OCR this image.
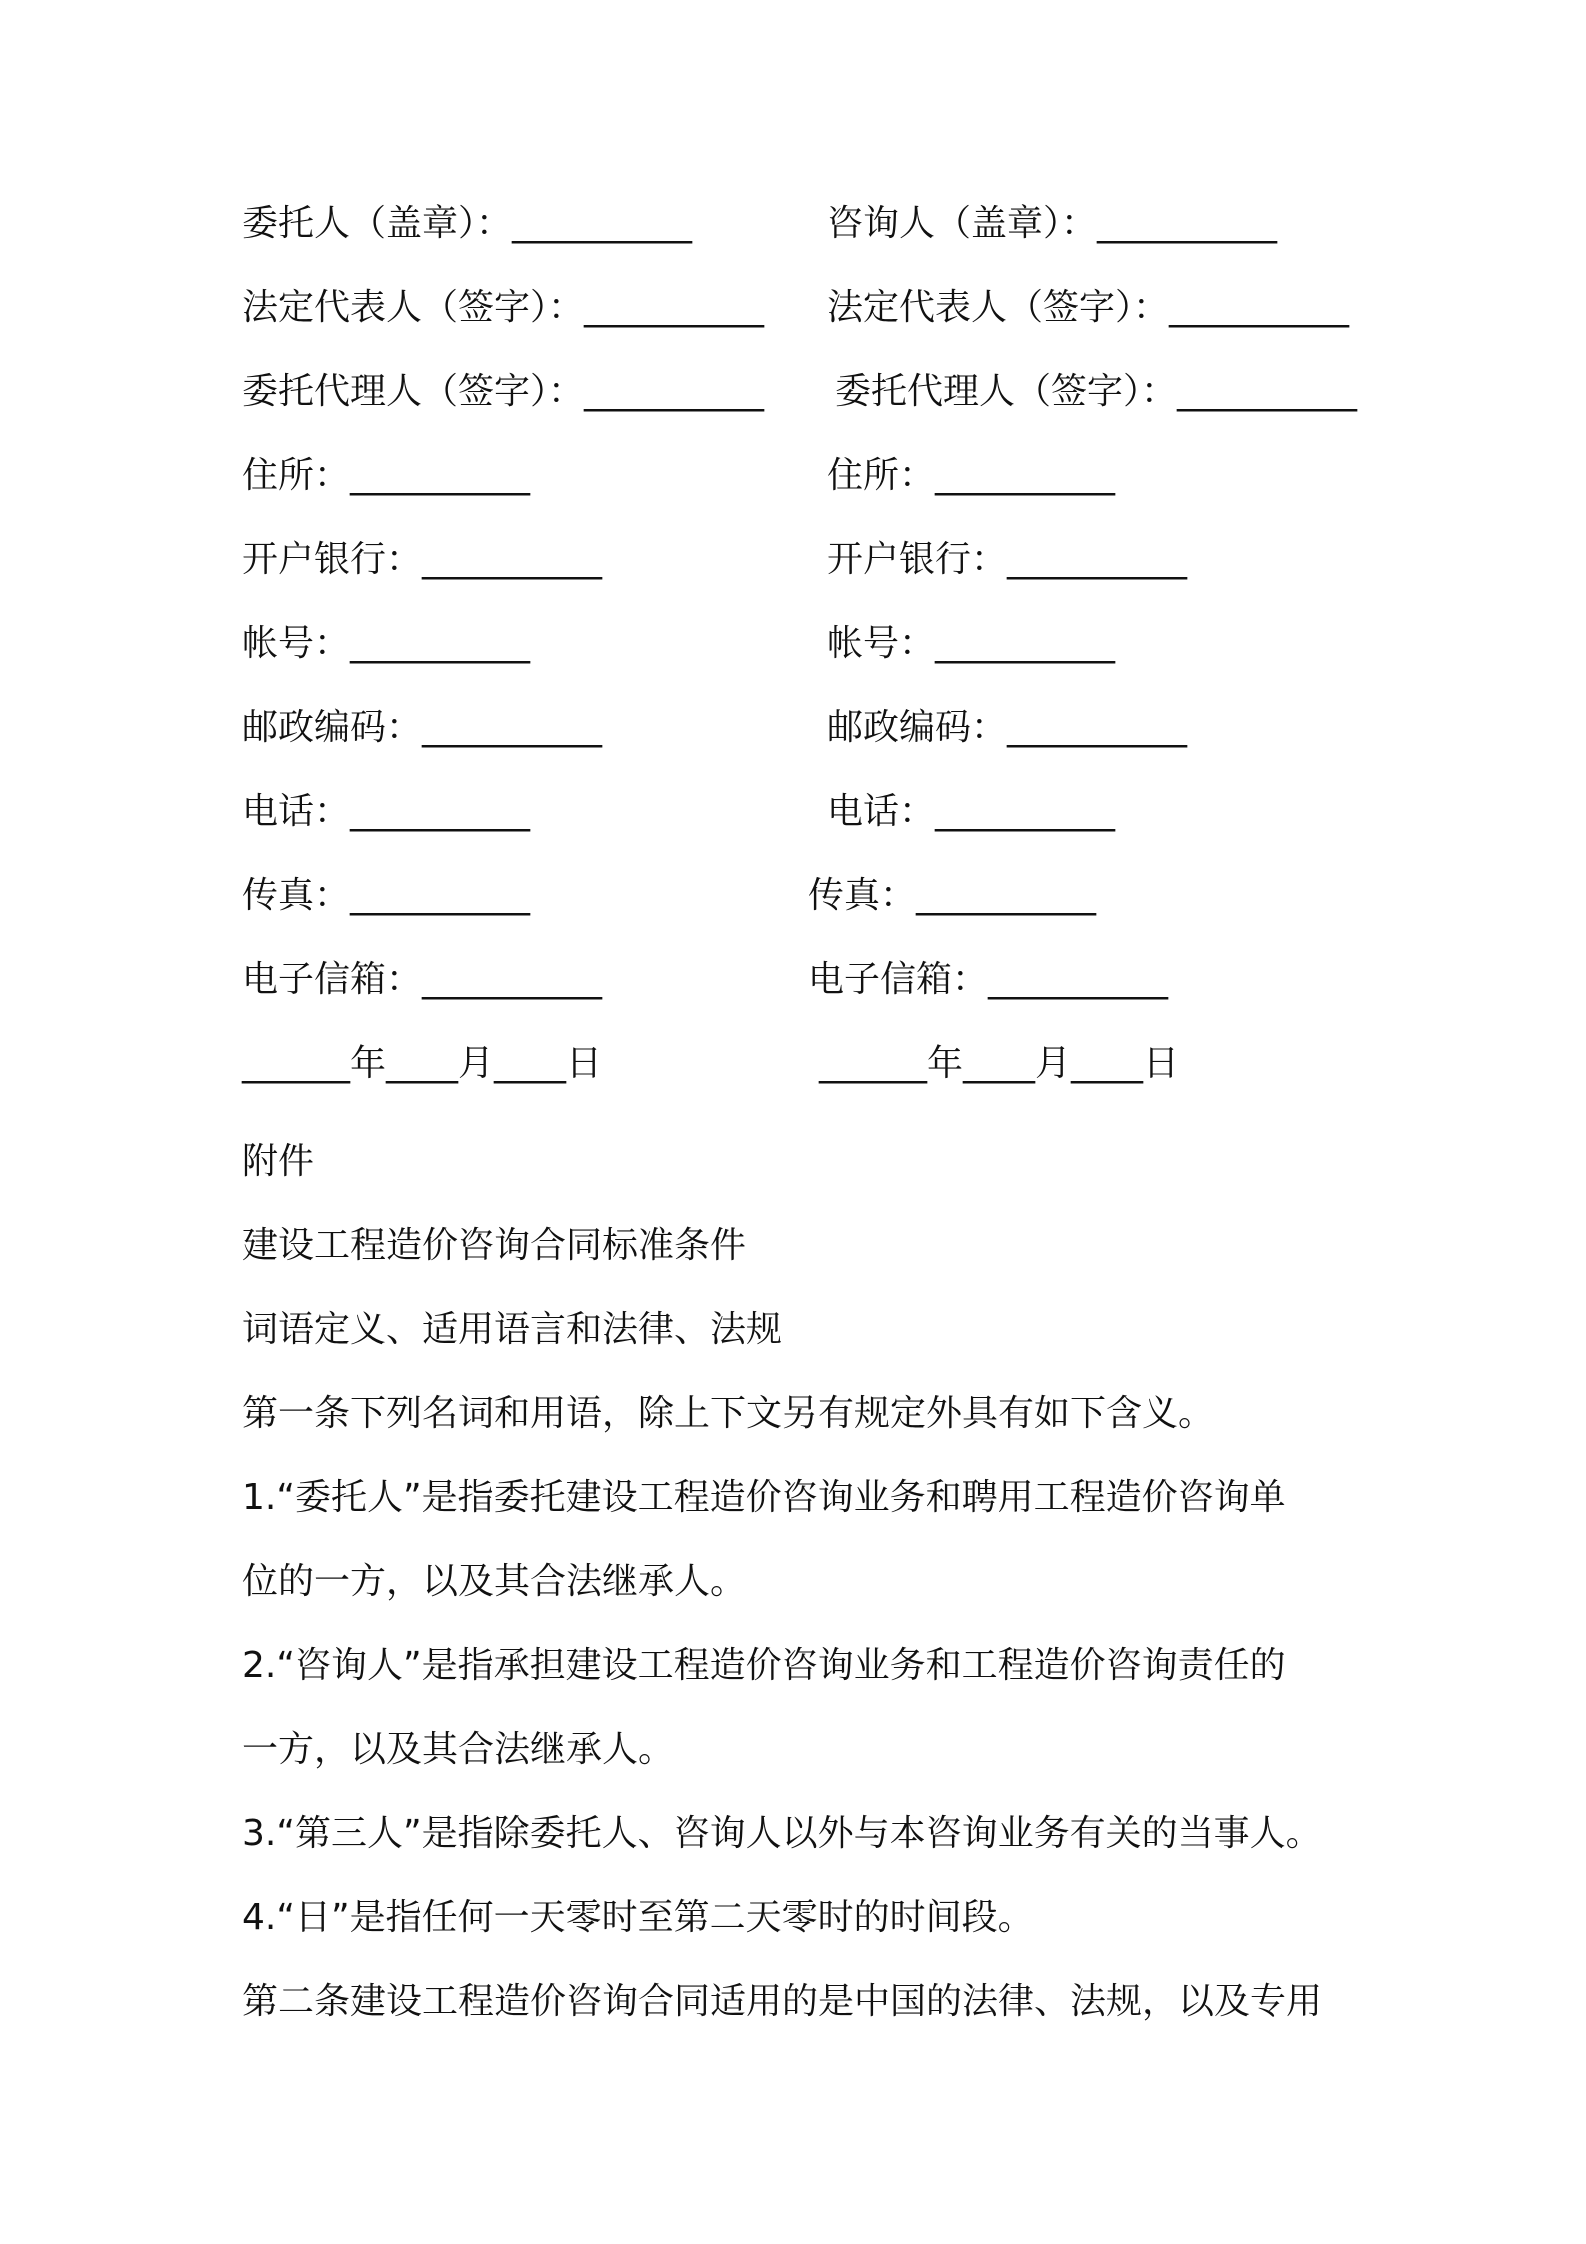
委托人（盖章）：__________	咨询人（盖章）：__________
法定代表人（签字）：__________ 法定代表人（签字）：__________
委托代理人（签字）：__________ 委托代理人（签字）：__________
住所：__________	住所：__________
开户银行：__________	开户银行：__________
帐号：__________	帐号：__________
邮政编码：__________	邮政编码：__________
电话：__________	电话：__________
传真：__________	传真：__________
电子信箱：__________	电子信箱：__________
______年____月____日	______年____月____日

附件

建设工程造价咨询合同标准条件

词语定义、适用语言和法律、法规

第一条下列名词和用语，除上下文另有规定外具有如下含义。

1.“委托人”是指委托建设工程造价咨询业务和聘用工程造价咨询单

位的一方，以及其合法继承人。

2.“咨询人”是指承担建设工程造价咨询业务和工程造价咨询责任的

一方，以及其合法继承人。

3.“第三人”是指除委托人、咨询人以外与本咨询业务有关的当事人。

4.“日”是指任何一天零时至第二天零时的时间段。

第二条建设工程造价咨询合同适用的是中国的法律、法规，以及专用
